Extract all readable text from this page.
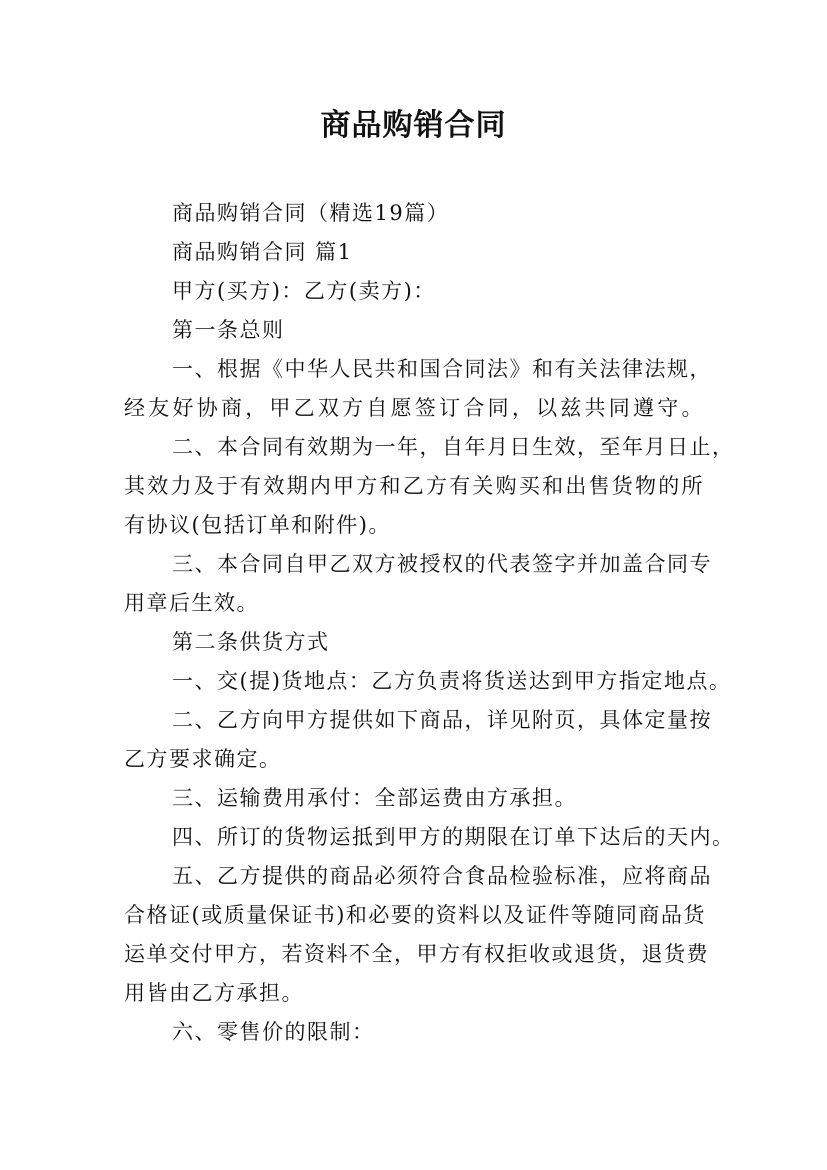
商品购销合同
商品购销合同（精选19篇）
商品购销合同 篇1
甲方(买方)：乙方(卖方)：
第一条总则
一、根据《中华人民共和国合同法》和有关法律法规，
经友好协商，甲乙双方自愿签订合同，以兹共同遵守。
二、本合同有效期为一年，自年月日生效，至年月日止，
其效力及于有效期内甲方和乙方有关购买和出售货物的所
有协议(包括订单和附件)。
三、本合同自甲乙双方被授权的代表签字并加盖合同专
用章后生效。
第二条供货方式
一、交(提)货地点：乙方负责将货送达到甲方指定地点。
二、乙方向甲方提供如下商品，详见附页，具体定量按
乙方要求确定。
三、运输费用承付：全部运费由方承担。
四、所订的货物运抵到甲方的期限在订单下达后的天内。
五、乙方提供的商品必须符合食品检验标准，应将商品
合格证(或质量保证书)和必要的资料以及证件等随同商品货
运单交付甲方，若资料不全，甲方有权拒收或退货，退货费
用皆由乙方承担。
六、零售价的限制：
